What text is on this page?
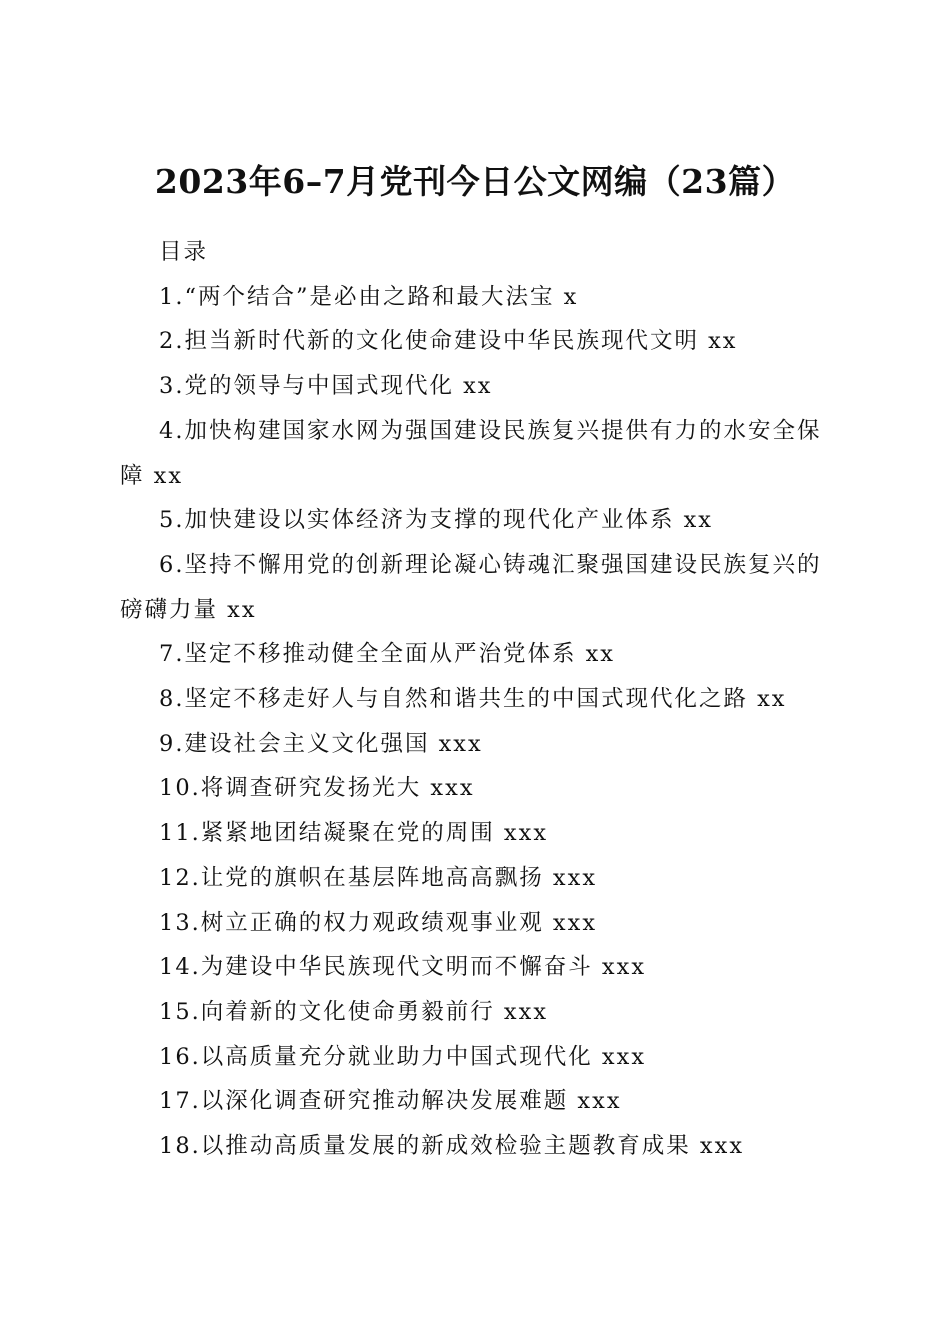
2023年6–7月党刊今日公文网编（23篇）

目录

1.“两个结合”是必由之路和最大法宝 x

2.担当新时代新的文化使命建设中华民族现代文明 xx

3.党的领导与中国式现代化 xx

4.加快构建国家水网为强国建设民族复兴提供有力的水安全保障 xx

5.加快建设以实体经济为支撑的现代化产业体系 xx

6.坚持不懈用党的创新理论凝心铸魂汇聚强国建设民族复兴的磅礴力量 xx

7.坚定不移推动健全全面从严治党体系 xx

8.坚定不移走好人与自然和谐共生的中国式现代化之路 xx

9.建设社会主义文化强国 xxx

10.将调查研究发扬光大 xxx

11.紧紧地团结凝聚在党的周围 xxx

12.让党的旗帜在基层阵地高高飘扬 xxx

13.树立正确的权力观政绩观事业观 xxx

14.为建设中华民族现代文明而不懈奋斗 xxx

15.向着新的文化使命勇毅前行 xxx

16.以高质量充分就业助力中国式现代化 xxx

17.以深化调查研究推动解决发展难题 xxx

18.以推动高质量发展的新成效检验主题教育成果 xxx
